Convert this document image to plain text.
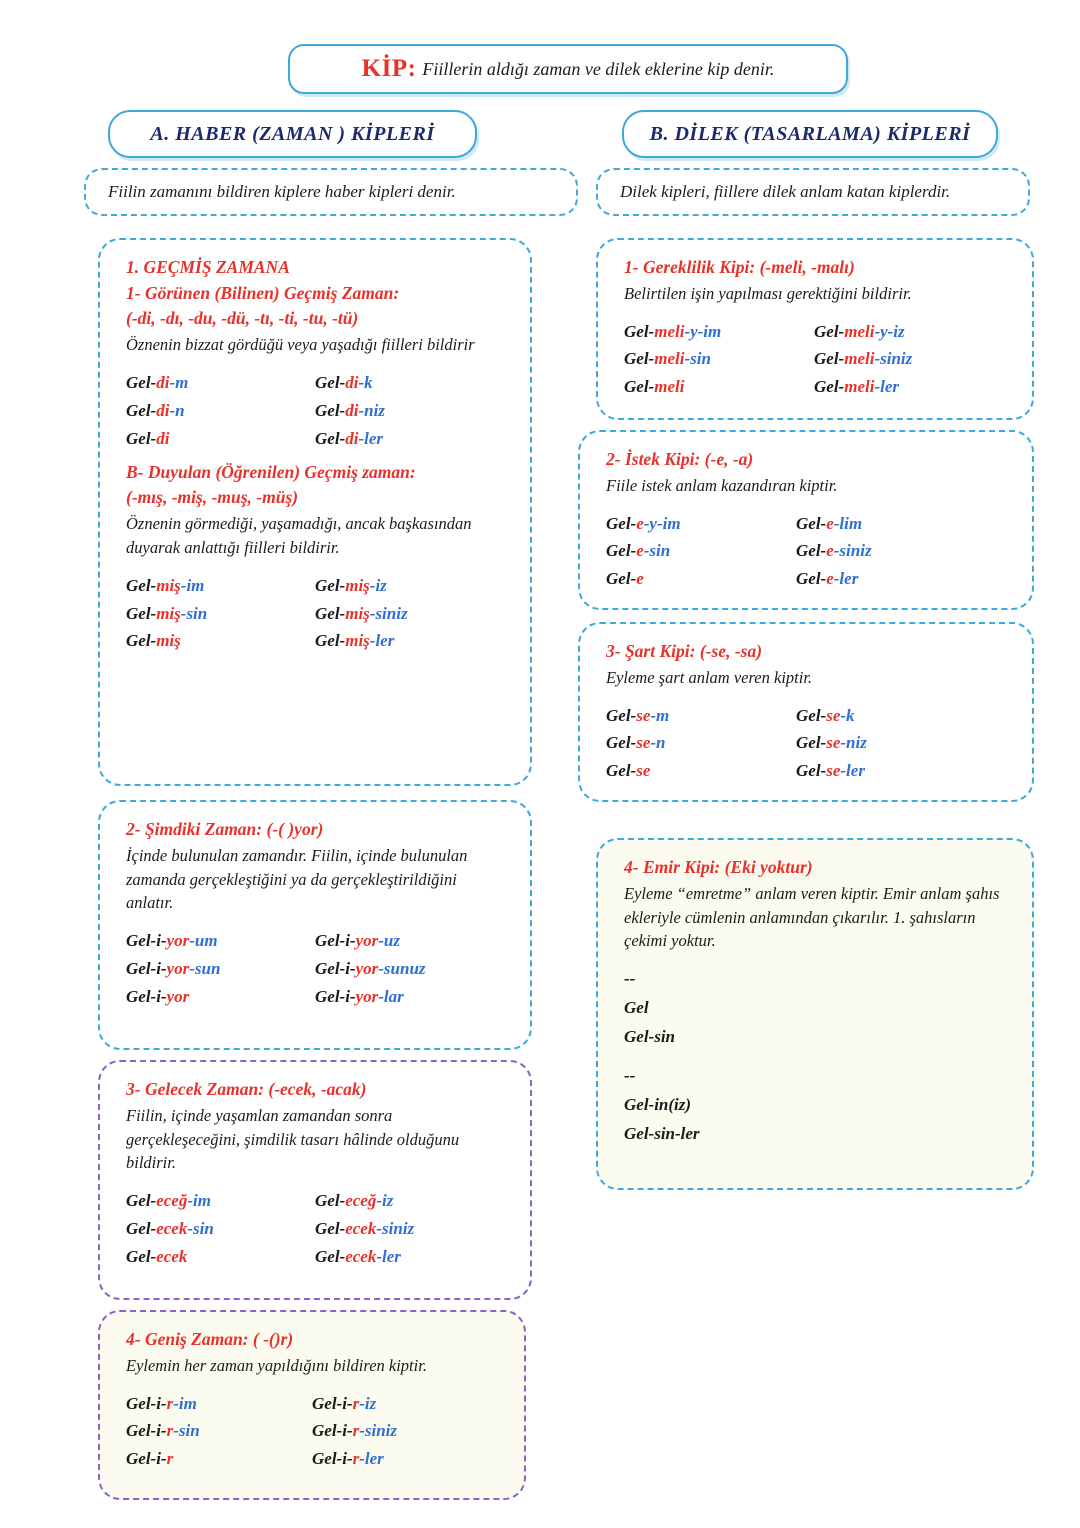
KİP: Fiillerin aldığı zaman ve dilek eklerine kip denir.
A. HABER (ZAMAN ) KİPLERİ	B. DİLEK (TASARLAMA) KİPLERİ
Fiilin zamanını bildiren kiplere haber kipleri denir.	Dilek kipleri, fiillere dilek anlam katan kiplerdir.
1. GEÇMİŞ ZAMANA
1- Görünen (Bilinen) Geçmiş Zaman:
(-di, -dı, -du, -dü, -tı, -ti, -tu, -tü)
Öznenin bizzat gördüğü veya yaşadığı fiilleri bildirir
Gel-di-m	Gel-di-k
Gel-di-n	Gel-di-niz
Gel-di	Gel-di-ler
B- Duyulan (Öğrenilen) Geçmiş zaman:
(-mış, -miş, -muş, -müş)
Öznenin görmediği, yaşamadığı, ancak başkasından duyarak anlattığı fiilleri bildirir.
Gel-miş-im	Gel-miş-iz
Gel-miş-sin	Gel-miş-siniz
Gel-miş	Gel-miş-ler
2- Şimdiki Zaman: (-( )yor)
İçinde bulunulan zamandır. Fiilin, içinde bulunulan zamanda gerçekleştiğini ya da gerçekleştirildiğini anlatır.
Gel-i-yor-um	Gel-i-yor-uz
Gel-i-yor-sun	Gel-i-yor-sunuz
Gel-i-yor	Gel-i-yor-lar
3- Gelecek Zaman: (-ecek, -acak)
Fiilin, içinde yaşamlan zamandan sonra gerçekleşeceğini, şimdilik tasarı hâlinde olduğunu bildirir.
Gel-eceğ-im	Gel-eceğ-iz
Gel-ecek-sin	Gel-ecek-siniz
Gel-ecek	Gel-ecek-ler
4- Geniş Zaman: ( -()r)
Eylemin her zaman yapıldığını bildiren kiptir.
Gel-i-r-im	Gel-i-r-iz
Gel-i-r-sin	Gel-i-r-siniz
Gel-i-r	Gel-i-r-ler
1- Gereklilik Kipi: (-meli, -malı)
Belirtilen işin yapılması gerektiğini bildirir.
Gel-meli-y-im	Gel-meli-y-iz
Gel-meli-sin	Gel-meli-siniz
Gel-meli	Gel-meli-ler
2- İstek Kipi: (-e, -a)
Fiile istek anlam kazandıran kiptir.
Gel-e-y-im	Gel-e-lim
Gel-e-sin	Gel-e-siniz
Gel-e	Gel-e-ler
3- Şart Kipi: (-se, -sa)
Eyleme şart anlam veren kiptir.
Gel-se-m	Gel-se-k
Gel-se-n	Gel-se-niz
Gel-se	Gel-se-ler
4- Emir Kipi: (Eki yoktur)
Eyleme “emretme” anlam veren kiptir. Emir anlam şahıs ekleriyle cümlenin anlamından çıkarılır. 1. şahısların çekimi yoktur.
--
Gel
Gel-sin
--
Gel-in(iz)
Gel-sin-ler
